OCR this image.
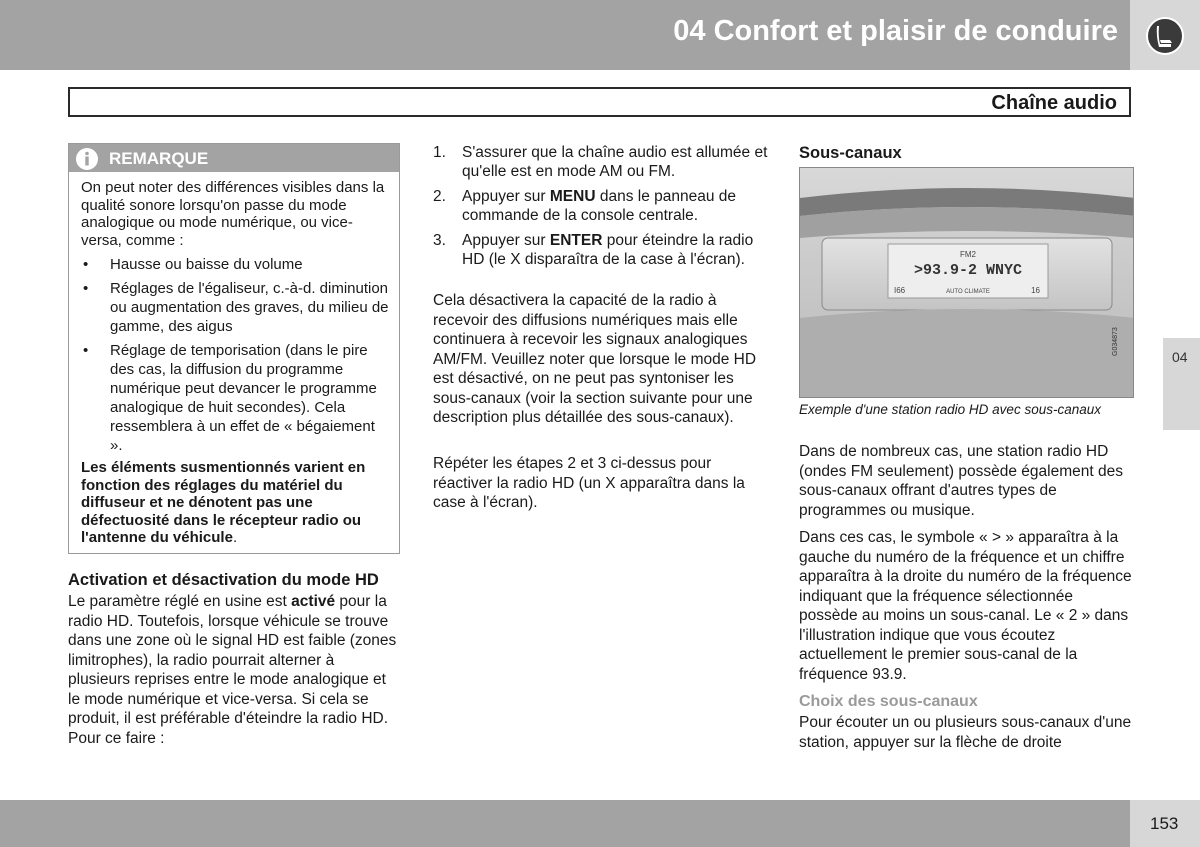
04 Confort et plaisir de conduire
Chaîne audio
REMARQUE

On peut noter des différences visibles dans la qualité sonore lorsqu'on passe du mode analogique ou mode numérique, ou vice-versa, comme :

• Hausse ou baisse du volume
• Réglages de l'égaliseur, c.-à-d. diminution ou augmentation des graves, du milieu de gamme, des aigus
• Réglage de temporisation (dans le pire des cas, la diffusion du programme numérique peut devancer le programme analogique de huit secondes). Cela ressemblera à un effet de « bégaiement ».

Les éléments susmentionnés varient en fonction des réglages du matériel du diffuseur et ne dénotent pas une défectuosité dans le récepteur radio ou l'antenne du véhicule.

Activation et désactivation du mode HD

Le paramètre réglé en usine est activé pour la radio HD. Toutefois, lorsque véhicule se trouve dans une zone où le signal HD est faible (zones limitrophes), la radio pourrait alterner à plusieurs reprises entre le mode analogique et le mode numérique et vice-versa. Si cela se produit, il est préférable d'éteindre la radio HD. Pour ce faire :

1. S'assurer que la chaîne audio est allumée et qu'elle est en mode AM ou FM.
2. Appuyer sur MENU dans le panneau de commande de la console centrale.
3. Appuyer sur ENTER pour éteindre la radio HD (le X disparaîtra de la case à l'écran).

Cela désactivera la capacité de la radio à recevoir des diffusions numériques mais elle continuera à recevoir les signaux analogiques AM/FM. Veuillez noter que lorsque le mode HD est désactivé, on ne peut pas syntoniser les sous-canaux (voir la section suivante pour une description plus détaillée des sous-canaux).

Répéter les étapes 2 et 3 ci-dessus pour réactiver la radio HD (un X apparaîtra dans la case à l'écran).

Sous-canaux
FM2
>93.9-2 WNYC
I66	AUTO CLIMATE	16
G034873

Exemple d'une station radio HD avec sous-canaux

Dans de nombreux cas, une station radio HD (ondes FM seulement) possède également des sous-canaux offrant d'autres types de programmes ou musique.

Dans ces cas, le symbole « > » apparaîtra à la gauche du numéro de la fréquence et un chiffre apparaîtra à la droite du numéro de la fréquence indiquant que la fréquence sélectionnée possède au moins un sous-canal. Le « 2 » dans l'illustration indique que vous écoutez actuellement le premier sous-canal de la fréquence 93.9.

Choix des sous-canaux

Pour écouter un ou plusieurs sous-canaux d'une station, appuyer sur la flèche de droite

04
153
